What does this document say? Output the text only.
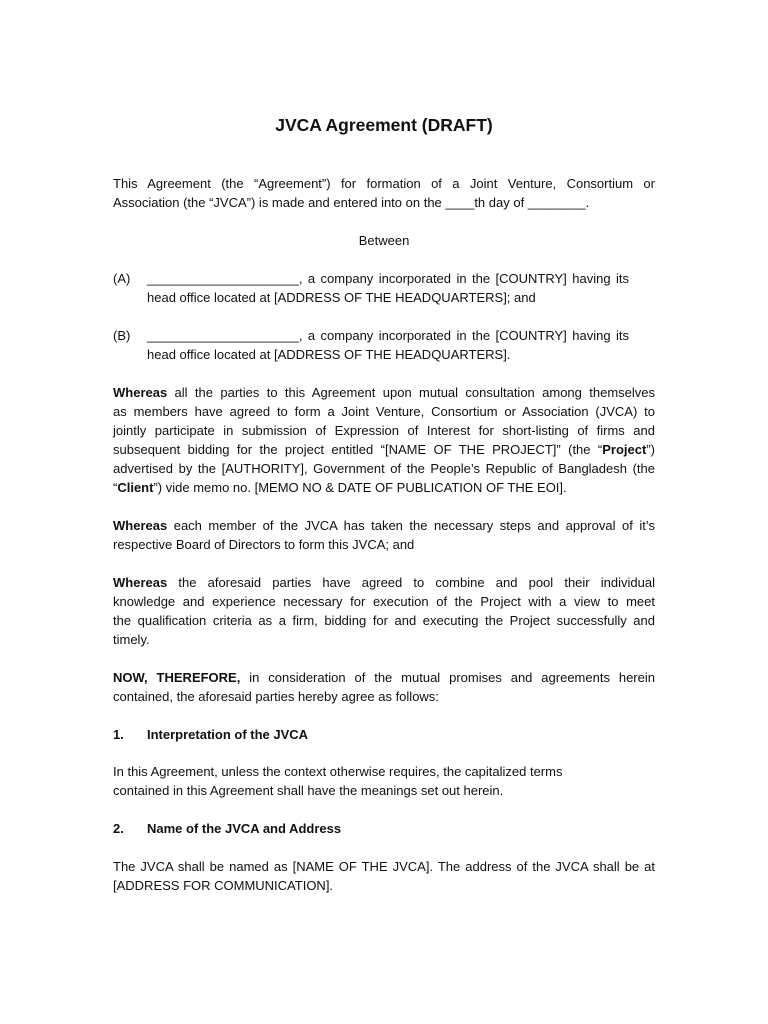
JVCA Agreement (DRAFT)
This Agreement (the “Agreement”) for formation of a Joint Venture, Consortium or
Association (the “JVCA”) is made and entered into on the ____th day of ________.
Between
(A) _____________________, a company incorporated in the [COUNTRY] having its
head office located at [ADDRESS OF THE HEADQUARTERS]; and
(B) _____________________, a company incorporated in the [COUNTRY] having its
head office located at [ADDRESS OF THE HEADQUARTERS].
Whereas all the parties to this Agreement upon mutual consultation among themselves
as members have agreed to form a Joint Venture, Consortium or Association (JVCA) to
jointly participate in submission of Expression of Interest for short-listing of firms and
subsequent bidding for the project entitled “[NAME OF THE PROJECT]” (the “Project”)
advertised by the [AUTHORITY], Government of the People’s Republic of Bangladesh (the
“Client”) vide memo no. [MEMO NO & DATE OF PUBLICATION OF THE EOI].
Whereas each member of the JVCA has taken the necessary steps and approval of it’s
respective Board of Directors to form this JVCA; and
Whereas the aforesaid parties have agreed to combine and pool their individual
knowledge and experience necessary for execution of the Project with a view to meet
the qualification criteria as a firm, bidding for and executing the Project successfully and
timely.
NOW, THEREFORE, in consideration of the mutual promises and agreements herein
contained, the aforesaid parties hereby agree as follows:
1. Interpretation of the JVCA
In this Agreement, unless the context otherwise requires, the capitalized terms
contained in this Agreement shall have the meanings set out herein.
2. Name of the JVCA and Address
The JVCA shall be named as [NAME OF THE JVCA]. The address of the JVCA shall be at
[ADDRESS FOR COMMUNICATION].
